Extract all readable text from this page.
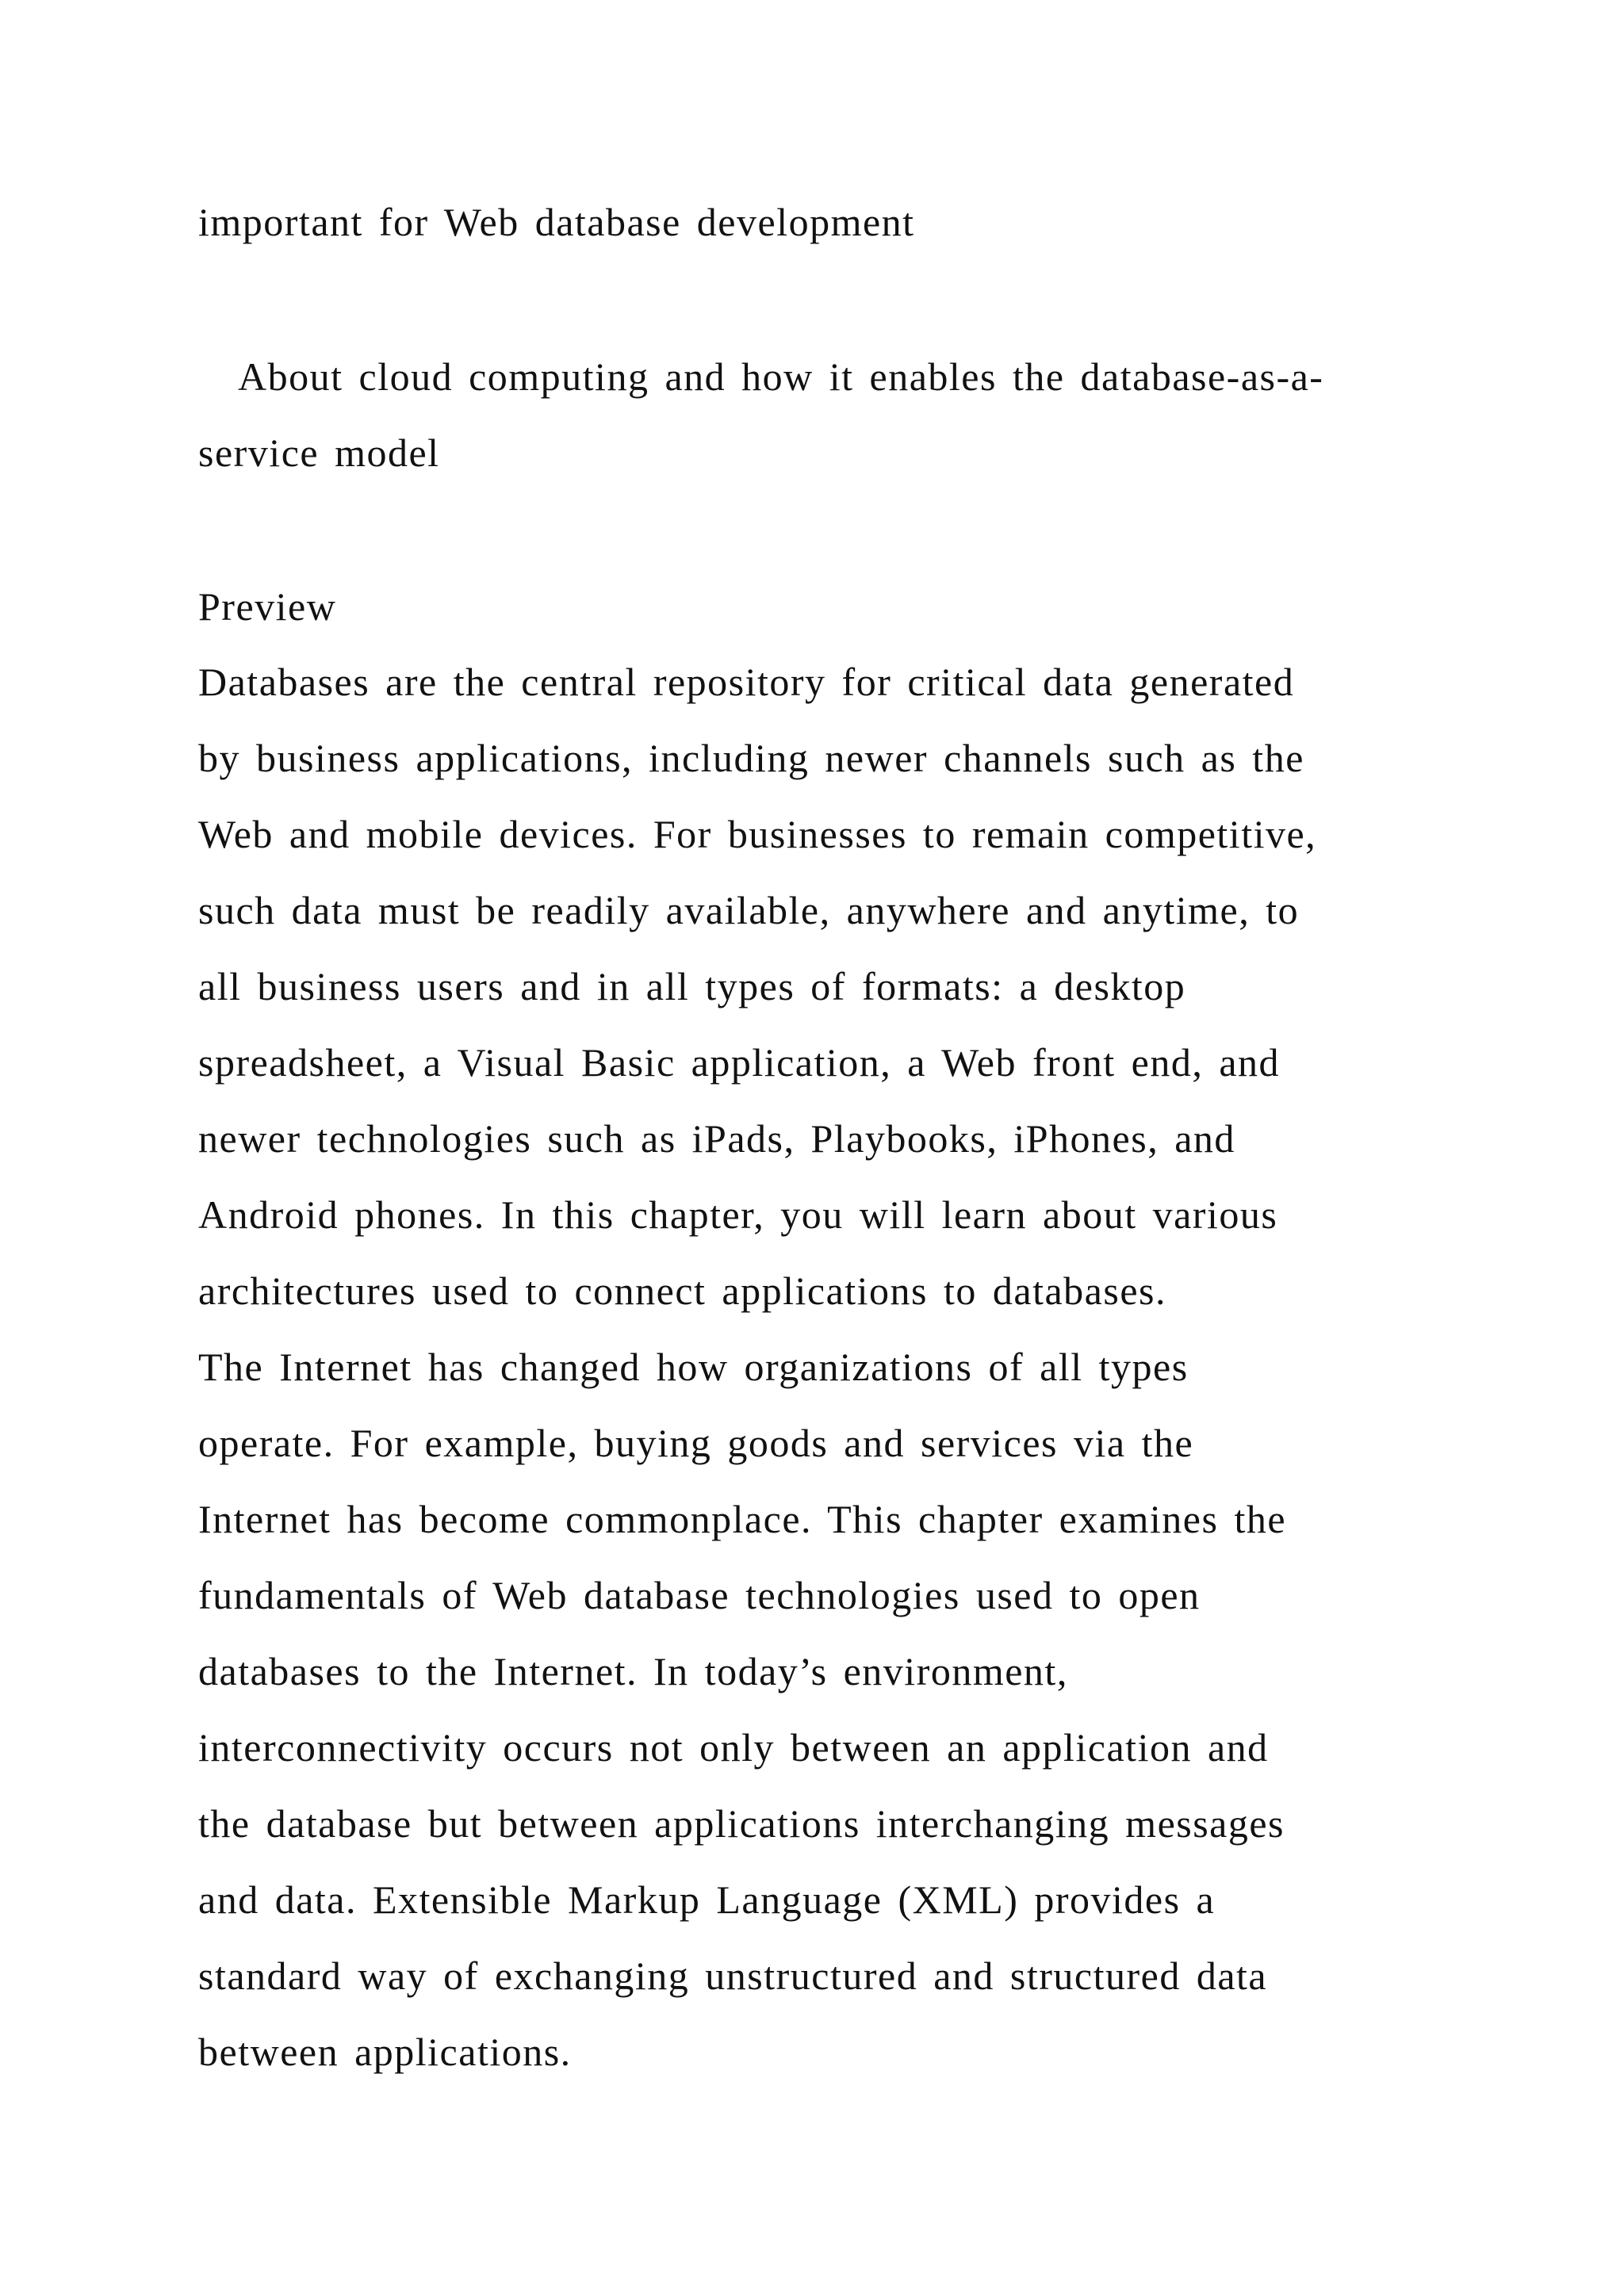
important for Web database development

About cloud computing and how it enables the database-as-a-

service model

Preview

Databases are the central repository for critical data generated

by business applications, including newer channels such as the

Web and mobile devices. For businesses to remain competitive,

such data must be readily available, anywhere and anytime, to

all business users and in all types of formats: a desktop

spreadsheet, a Visual Basic application, a Web front end, and

newer technologies such as iPads, Playbooks, iPhones, and

Android phones. In this chapter, you will learn about various

architectures used to connect applications to databases.

The Internet has changed how organizations of all types

operate. For example, buying goods and services via the

Internet has become commonplace. This chapter examines the

fundamentals of Web database technologies used to open

databases to the Internet. In today’s environment,

interconnectivity occurs not only between an application and

the database but between applications interchanging messages

and data. Extensible Markup Language (XML) provides a

standard way of exchanging unstructured and structured data

between applications.
